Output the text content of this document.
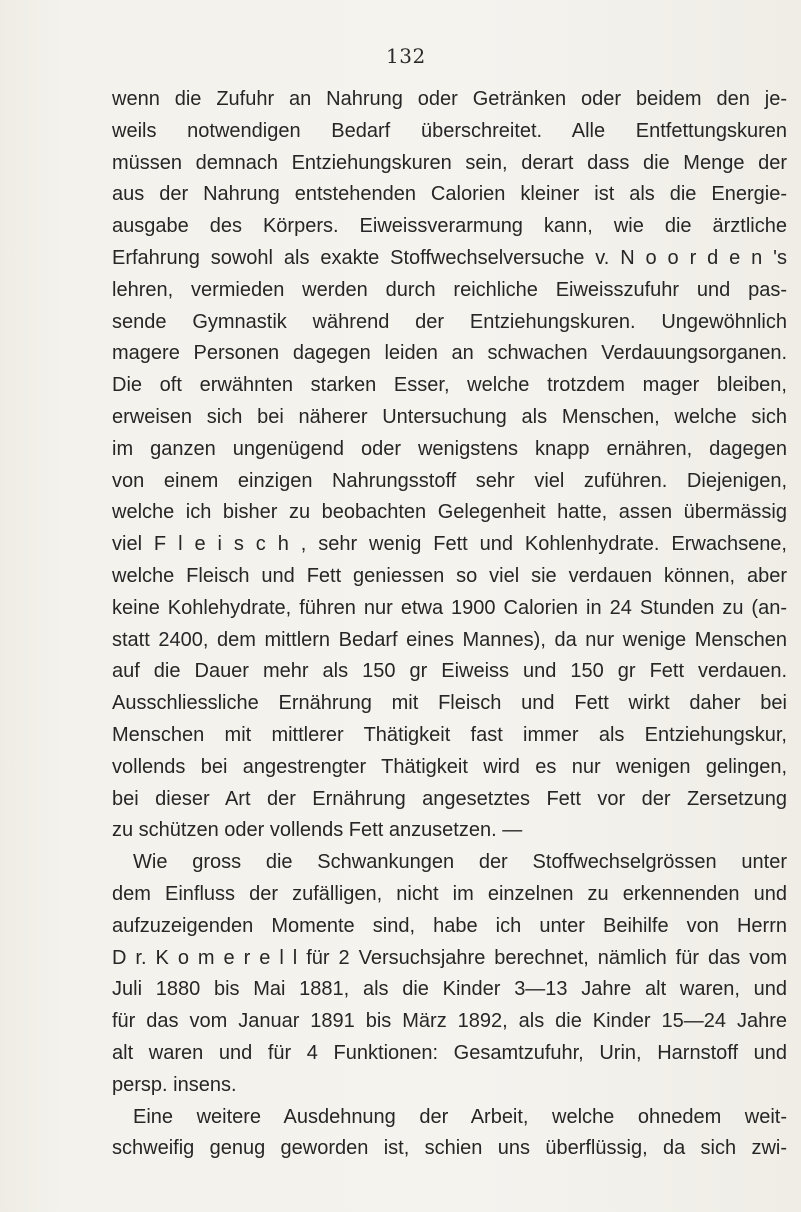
132
wenn die Zufuhr an Nahrung oder Getränken oder beidem den je-
weils notwendigen Bedarf überschreitet. Alle Entfettungskuren
müssen demnach Entziehungskuren sein, derart dass die Menge der
aus der Nahrung entstehenden Calorien kleiner ist als die Energie-
ausgabe des Körpers. Eiweissverarmung kann, wie die ärztliche
Erfahrung sowohl als exakte Stoffwechselversuche v. N o o r d e n 's
lehren, vermieden werden durch reichliche Eiweisszufuhr und pas-
sende Gymnastik während der Entziehungskuren. Ungewöhnlich
magere Personen dagegen leiden an schwachen Verdauungsorganen.
Die oft erwähnten starken Esser, welche trotzdem mager bleiben,
erweisen sich bei näherer Untersuchung als Menschen, welche sich
im ganzen ungenügend oder wenigstens knapp ernähren, dagegen
von einem einzigen Nahrungsstoff sehr viel zuführen. Diejenigen,
welche ich bisher zu beobachten Gelegenheit hatte, assen übermässig
viel F l e i s c h , sehr wenig Fett und Kohlenhydrate. Erwachsene,
welche Fleisch und Fett geniessen so viel sie verdauen können, aber
keine Kohlehydrate, führen nur etwa 1900 Calorien in 24 Stunden zu (an-
statt 2400, dem mittlern Bedarf eines Mannes), da nur wenige Menschen
auf die Dauer mehr als 150 gr Eiweiss und 150 gr Fett verdauen.
Ausschliessliche Ernährung mit Fleisch und Fett wirkt daher bei
Menschen mit mittlerer Thätigkeit fast immer als Entziehungskur,
vollends bei angestrengter Thätigkeit wird es nur wenigen gelingen,
bei dieser Art der Ernährung angesetztes Fett vor der Zersetzung
zu schützen oder vollends Fett anzusetzen. —
Wie gross die Schwankungen der Stoffwechselgrössen unter
dem Einfluss der zufälligen, nicht im einzelnen zu erkennenden und
aufzuzeigenden Momente sind, habe ich unter Beihilfe von Herrn
D r. K o m e r e l l für 2 Versuchsjahre berechnet, nämlich für das vom
Juli 1880 bis Mai 1881, als die Kinder 3—13 Jahre alt waren, und
für das vom Januar 1891 bis März 1892, als die Kinder 15—24 Jahre
alt waren und für 4 Funktionen: Gesamtzufuhr, Urin, Harnstoff und
persp. insens.
Eine weitere Ausdehnung der Arbeit, welche ohnedem weit-
schweifig genug geworden ist, schien uns überflüssig, da sich zwi-
